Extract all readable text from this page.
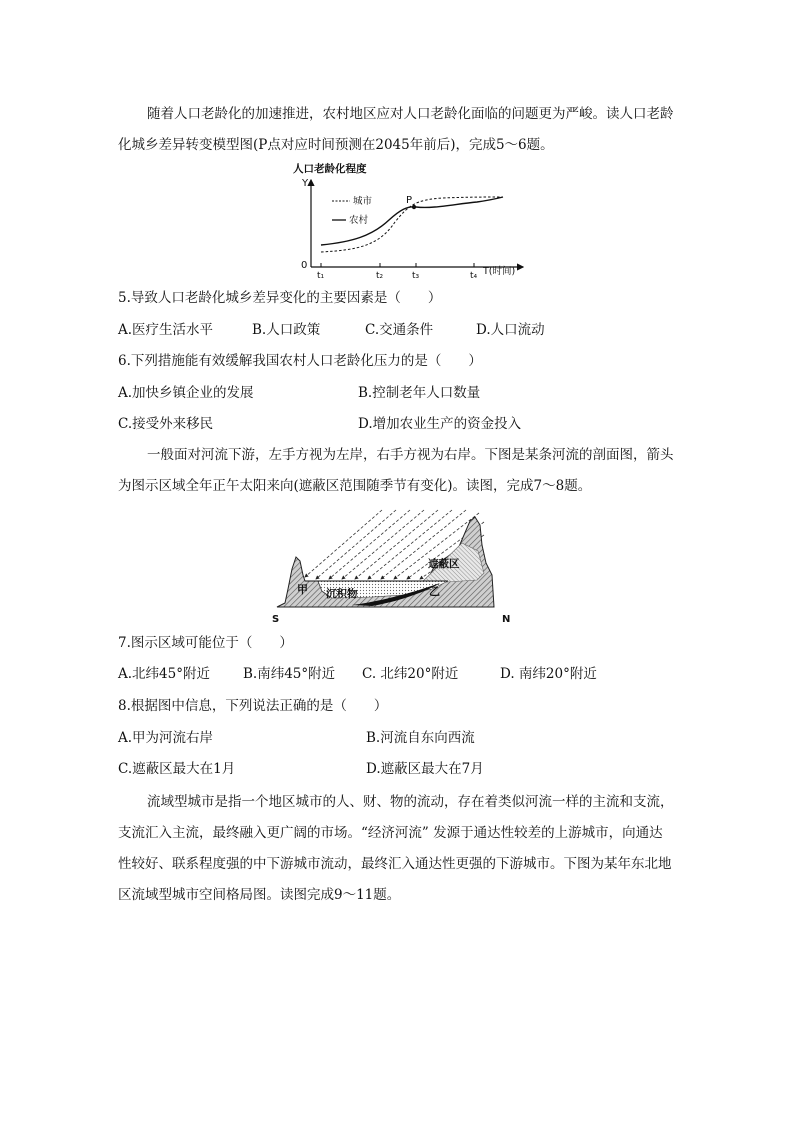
随着人口老龄化的加速推进，农村地区应对人口老龄化面临的问题更为严峻。读人口老龄化城乡差异转变模型图(P点对应时间预测在2045年前后)，完成5～6题。

人口老龄化程度
Y
0
t₁	t₂	t₃	t₄ T(时间)
P
城市
农村
5.导致人口老龄化城乡差异变化的主要因素是（　　）
A.医疗生活水平	B.人口政策	C.交通条件	D.人口流动
6.下列措施能有效缓解我国农村人口老龄化压力的是（　　）
A.加快乡镇企业的发展	B.控制老年人口数量
C.接受外来移民	D.增加农业生产的资金投入

一般面对河流下游，左手方视为左岸，右手方视为右岸。下图是某条河流的剖面图，箭头为图示区域全年正午太阳来向(遮蔽区范围随季节有变化)。读图，完成7～8题。

甲	乙
沉积物
遮蔽区
S	N
7.图示区域可能位于（　　）
A.北纬45°附近 B.南纬45°附近 C. 北纬20°附近	D. 南纬20°附近
8.根据图中信息，下列说法正确的是（　　）
A.甲为河流右岸	B.河流自东向西流
C.遮蔽区最大在1月	D.遮蔽区最大在7月

流域型城市是指一个地区城市的人、财、物的流动，存在着类似河流一样的主流和支流，支流汇入主流，最终融入更广阔的市场。“经济河流” 发源于通达性较差的上游城市，向通达性较好、联系程度强的中下游城市流动，最终汇入通达性更强的下游城市。下图为某年东北地区流域型城市空间格局图。读图完成9～11题。
